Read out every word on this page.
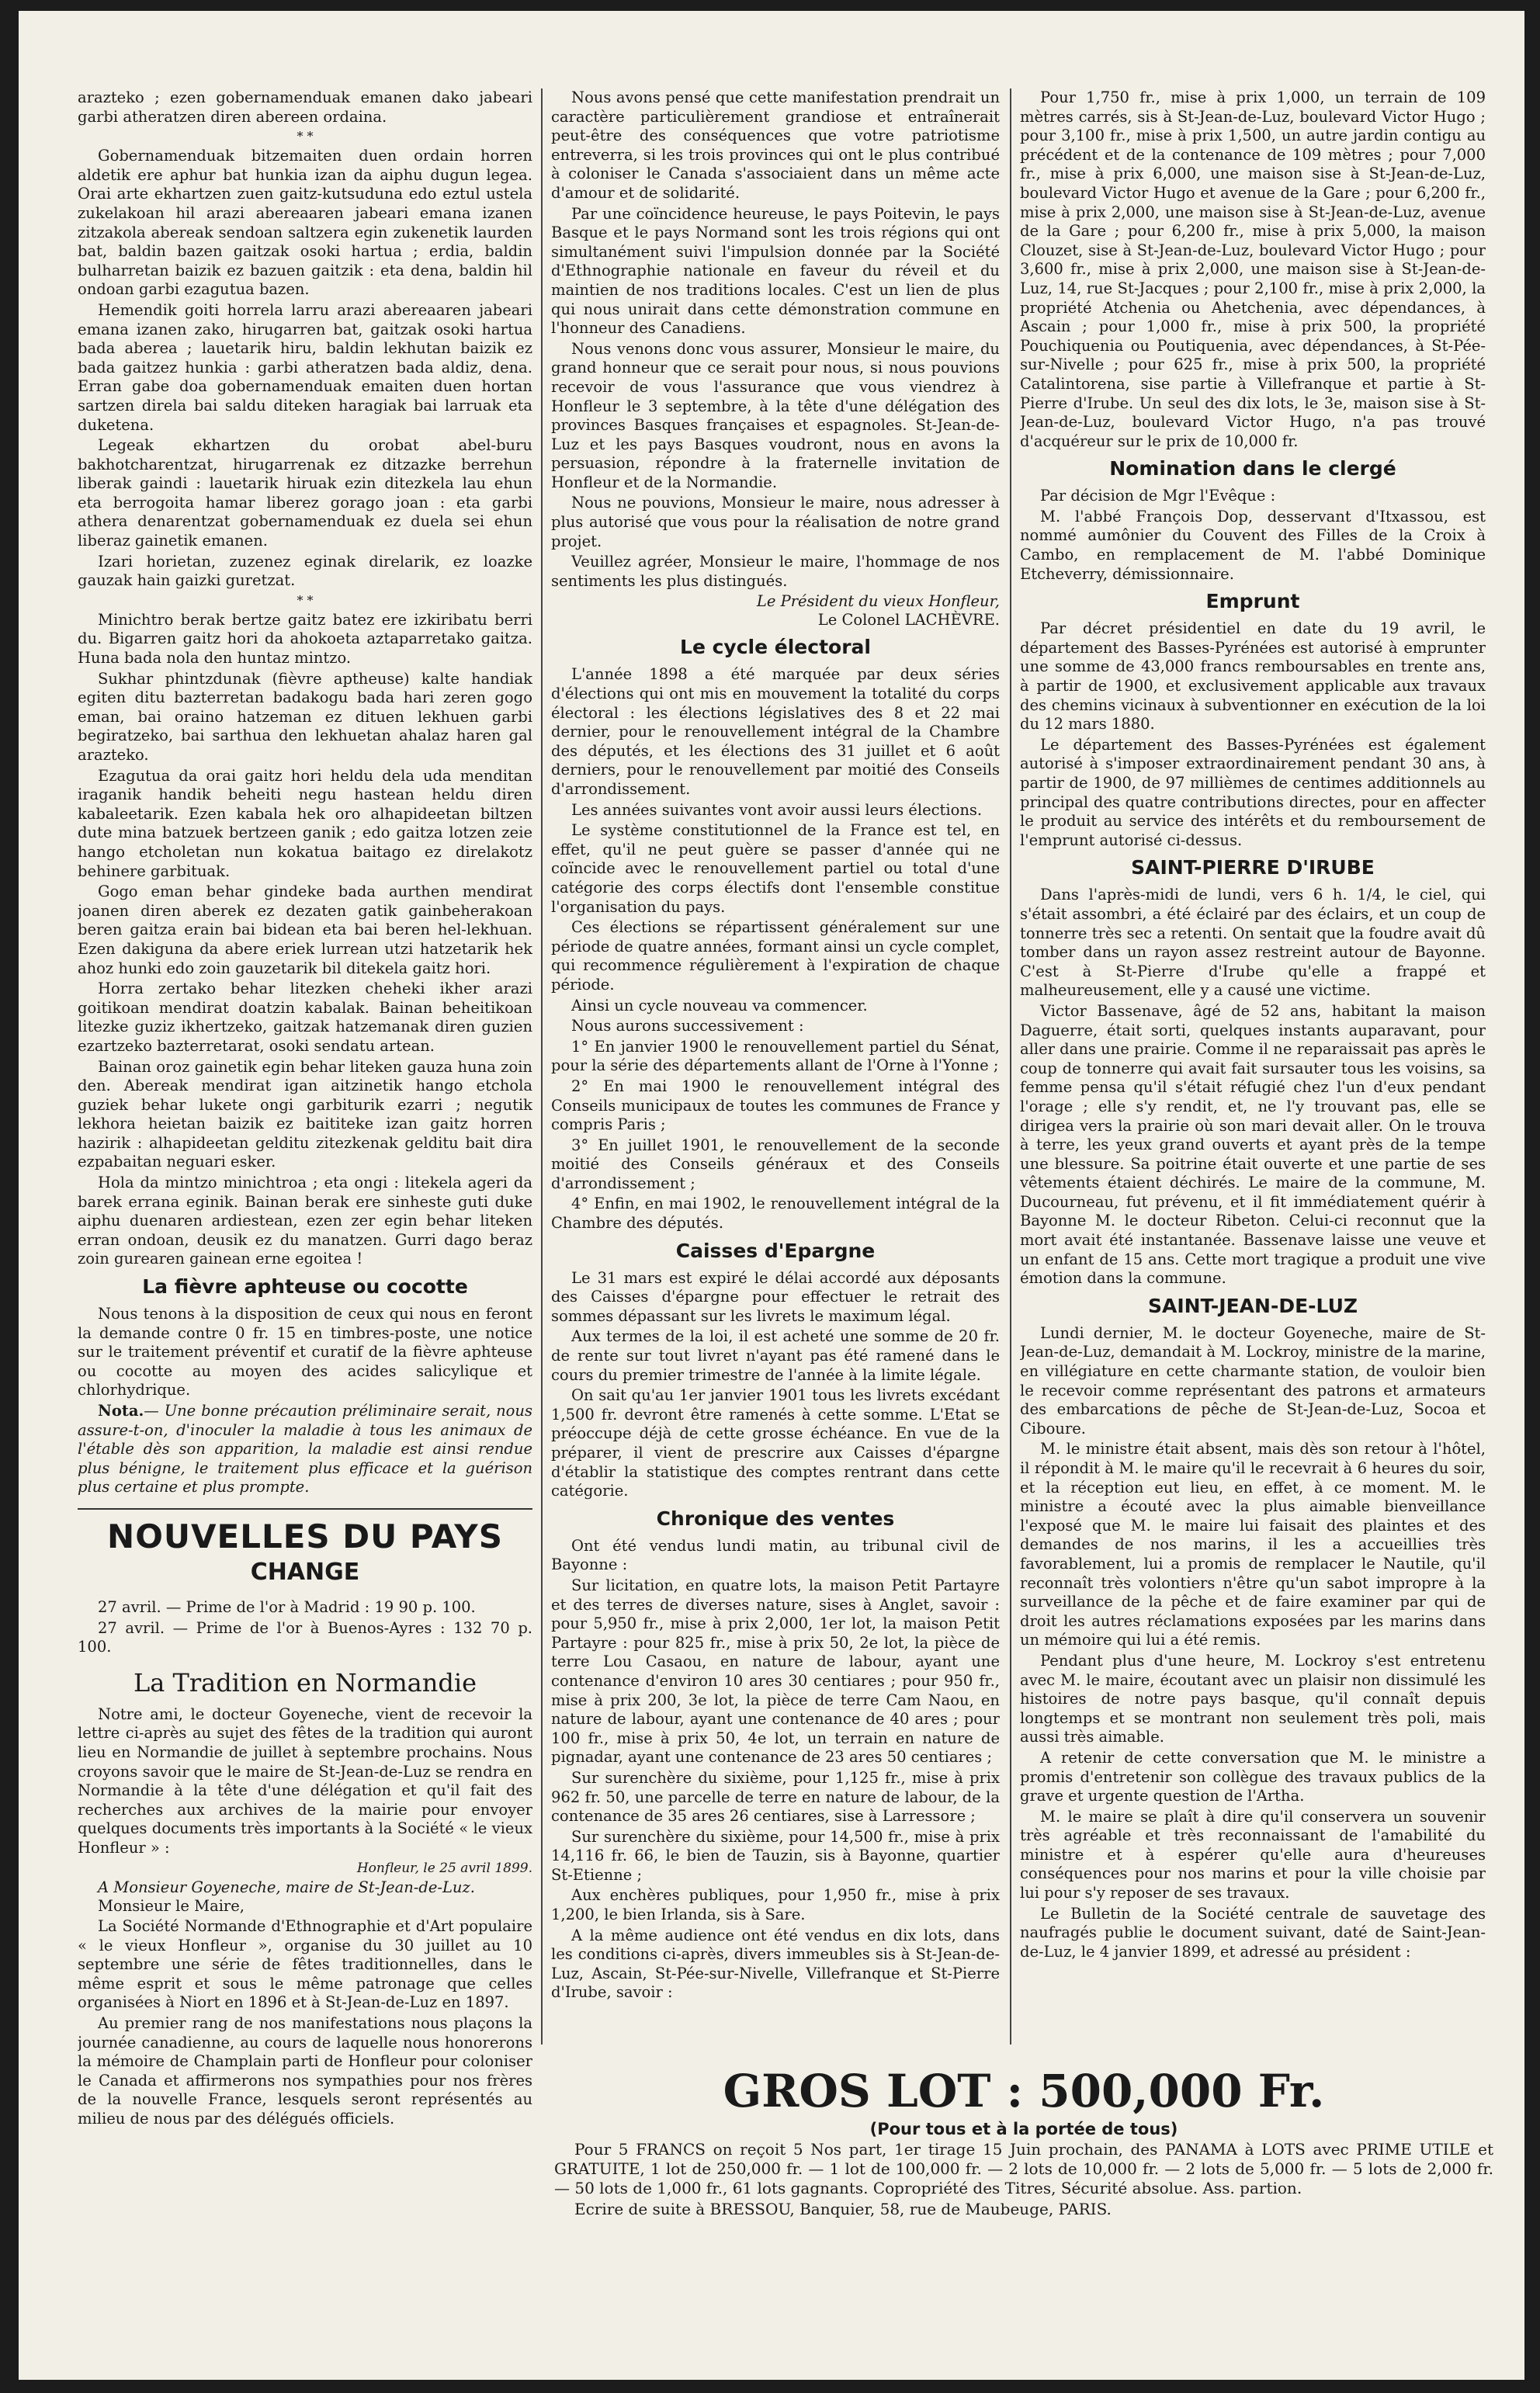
arazteko ; ezen gobernamenduak emanen dako jabeari garbi atheratzen diren abereen ordaina.

* *

Gobernamenduak bitzemaiten duen ordain horren aldetik ere aphur bat hunkia izan da aiphu dugun legea. Orai arte ekhartzen zuen gaitz-kutsuduna edo eztul ustela zukelakoan hil arazi abereaaren jabeari emana izanen zitzakola abereak sendoan saltzera egin zukenetik laurden bat, baldin bazen gaitzak osoki hartua ; erdia, baldin bulharretan baizik ez bazuen gaitzik : eta dena, baldin hil ondoan garbi ezagutua bazen.

Hemendik goiti horrela larru arazi abereaaren jabeari emana izanen zako, hirugarren bat, gaitzak osoki hartua bada aberea ; lauetarik hiru, baldin lekhutan baizik ez bada gaitzez hunkia : garbi atheratzen bada aldiz, dena. Erran gabe doa gobernamenduak emaiten duen hortan sartzen direla bai saldu diteken haragiak bai larruak eta duketena.

Legeak ekhartzen du orobat abel-buru bakhotcharentzat, hirugarrenak ez ditzazke berrehun liberak gaindi : lauetarik hiruak ezin ditezkela lau ehun eta berrogoita hamar liberez gorago joan : eta garbi athera denarentzat gobernamenduak ez duela sei ehun liberaz gainetik emanen.

Izari horietan, zuzenez eginak direlarik, ez loazke gauzak hain gaizki guretzat.

* *

Minichtro berak bertze gaitz batez ere izkiribatu berri du. Bigarren gaitz hori da ahokoeta aztaparretako gaitza. Huna bada nola den huntaz mintzo.

Sukhar phintzdunak (fièvre aptheuse) kalte handiak egiten ditu bazterretan badakogu bada hari zeren gogo eman, bai oraino hatzeman ez dituen lekhuen garbi begiratzeko, bai sarthua den lekhuetan ahalaz haren gal arazteko.

Ezagutua da orai gaitz hori heldu dela uda menditan iraganik handik beheiti negu hastean heldu diren kabaleetarik. Ezen kabala hek oro alhapideetan biltzen dute mina batzuek bertzeen ganik ; edo gaitza lotzen zeie hango etcholetan nun kokatua baitago ez direlakotz behinere garbituak.

Gogo eman behar gindeke bada aurthen mendirat joanen diren aberek ez dezaten gatik gainbeherakoan beren gaitza erain bai bidean eta bai beren hel-lekhuan. Ezen dakiguna da abere eriek lurrean utzi hatzetarik hek ahoz hunki edo zoin gauzetarik bil ditekela gaitz hori.

Horra zertako behar litezken cheheki ikher arazi goitikoan mendirat doatzin kabalak. Bainan beheitikoan litezke guziz ikhertzeko, gaitzak hatzemanak diren guzien ezartzeko bazterretarat, osoki sendatu artean.

Bainan oroz gainetik egin behar liteken gauza huna zoin den. Abereak mendirat igan aitzinetik hango etchola guziek behar lukete ongi garbiturik ezarri ; negutik lekhora heietan baizik ez baititeke izan gaitz horren hazirik : alhapideetan gelditu zitezkenak gelditu bait dira ezpabaitan neguari esker.

Hola da mintzo minichtroa ; eta ongi : litekela ageri da barek errana eginik. Bainan berak ere sinheste guti duke aiphu duenaren ardiestean, ezen zer egin behar liteken erran ondoan, deusik ez du manatzen. Gurri dago beraz zoin gurearen gainean erne egoitea !

La fièvre aphteuse ou cocotte

Nous tenons à la disposition de ceux qui nous en feront la demande contre 0 fr. 15 en timbres-poste, une notice sur le traitement préventif et curatif de la fièvre aphteuse ou cocotte au moyen des acides salicylique et chlorhydrique.

Nota.— Une bonne précaution préliminaire serait, nous assure-t-on, d'inoculer la maladie à tous les animaux de l'étable dès son apparition, la maladie est ainsi rendue plus bénigne, le traitement plus efficace et la guérison plus certaine et plus prompte.

NOUVELLES DU PAYS
CHANGE

27 avril. — Prime de l'or à Madrid : 19 90 p. 100.

27 avril. — Prime de l'or à Buenos-Ayres : 132 70 p. 100.

La Tradition en Normandie

Notre ami, le docteur Goyeneche, vient de recevoir la lettre ci-après au sujet des fêtes de la tradition qui auront lieu en Normandie de juillet à septembre prochains. Nous croyons savoir que le maire de St-Jean-de-Luz se rendra en Normandie à la tête d'une délégation et qu'il fait des recherches aux archives de la mairie pour envoyer quelques documents très importants à la Société « le vieux Honfleur » :

Honfleur, le 25 avril 1899.

A Monsieur Goyeneche, maire de St-Jean-de-Luz.

Monsieur le Maire,

La Société Normande d'Ethnographie et d'Art populaire « le vieux Honfleur », organise du 30 juillet au 10 septembre une série de fêtes traditionnelles, dans le même esprit et sous le même patronage que celles organisées à Niort en 1896 et à St-Jean-de-Luz en 1897.

Au premier rang de nos manifestations nous plaçons la journée canadienne, au cours de laquelle nous honorerons la mémoire de Champlain parti de Honfleur pour coloniser le Canada et affirmerons nos sympathies pour nos frères de la nouvelle France, lesquels seront représentés au milieu de nous par des délégués officiels.

Nous avons pensé que cette manifestation prendrait un caractère particulièrement grandiose et entraînerait peut-être des conséquences que votre patriotisme entreverra, si les trois provinces qui ont le plus contribué à coloniser le Canada s'associaient dans un même acte d'amour et de solidarité.

Par une coïncidence heureuse, le pays Poitevin, le pays Basque et le pays Normand sont les trois régions qui ont simultanément suivi l'impulsion donnée par la Société d'Ethnographie nationale en faveur du réveil et du maintien de nos traditions locales. C'est un lien de plus qui nous unirait dans cette démonstration commune en l'honneur des Canadiens.

Nous venons donc vous assurer, Monsieur le maire, du grand honneur que ce serait pour nous, si nous pouvions recevoir de vous l'assurance que vous viendrez à Honfleur le 3 septembre, à la tête d'une délégation des provinces Basques françaises et espagnoles. St-Jean-de-Luz et les pays Basques voudront, nous en avons la persuasion, répondre à la fraternelle invitation de Honfleur et de la Normandie.

Nous ne pouvions, Monsieur le maire, nous adresser à plus autorisé que vous pour la réalisation de notre grand projet.

Veuillez agréer, Monsieur le maire, l'hommage de nos sentiments les plus distingués.

Le Président du vieux Honfleur,
Le Colonel LACHÈVRE.
Le cycle électoral

L'année 1898 a été marquée par deux séries d'élections qui ont mis en mouvement la totalité du corps électoral : les élections législatives des 8 et 22 mai dernier, pour le renouvellement intégral de la Chambre des députés, et les élections des 31 juillet et 6 août derniers, pour le renouvellement par moitié des Conseils d'arrondissement.

Les années suivantes vont avoir aussi leurs élections.

Le système constitutionnel de la France est tel, en effet, qu'il ne peut guère se passer d'année qui ne coïncide avec le renouvellement partiel ou total d'une catégorie des corps électifs dont l'ensemble constitue l'organisation du pays.

Ces élections se répartissent généralement sur une période de quatre années, formant ainsi un cycle complet, qui recommence régulièrement à l'expiration de chaque période.

Ainsi un cycle nouveau va commencer.

Nous aurons successivement :

1° En janvier 1900 le renouvellement partiel du Sénat, pour la série des départements allant de l'Orne à l'Yonne ;

2° En mai 1900 le renouvellement intégral des Conseils municipaux de toutes les communes de France y compris Paris ;

3° En juillet 1901, le renouvellement de la seconde moitié des Conseils généraux et des Conseils d'arrondissement ;

4° Enfin, en mai 1902, le renouvellement intégral de la Chambre des députés.

Caisses d'Epargne

Le 31 mars est expiré le délai accordé aux déposants des Caisses d'épargne pour effectuer le retrait des sommes dépassant sur les livrets le maximum légal.

Aux termes de la loi, il est acheté une somme de 20 fr. de rente sur tout livret n'ayant pas été ramené dans le cours du premier trimestre de l'année à la limite légale.

On sait qu'au 1er janvier 1901 tous les livrets excédant 1,500 fr. devront être ramenés à cette somme. L'Etat se préoccupe déjà de cette grosse échéance. En vue de la préparer, il vient de prescrire aux Caisses d'épargne d'établir la statistique des comptes rentrant dans cette catégorie.

Chronique des ventes

Ont été vendus lundi matin, au tribunal civil de Bayonne :

Sur licitation, en quatre lots, la maison Petit Partayre et des terres de diverses nature, sises à Anglet, savoir : pour 5,950 fr., mise à prix 2,000, 1er lot, la maison Petit Partayre : pour 825 fr., mise à prix 50, 2e lot, la pièce de terre Lou Casaou, en nature de labour, ayant une contenance d'environ 10 ares 30 centiares ; pour 950 fr., mise à prix 200, 3e lot, la pièce de terre Cam Naou, en nature de labour, ayant une contenance de 40 ares ; pour 100 fr., mise à prix 50, 4e lot, un terrain en nature de pignadar, ayant une contenance de 23 ares 50 centiares ;

Sur surenchère du sixième, pour 1,125 fr., mise à prix 962 fr. 50, une parcelle de terre en nature de labour, de la contenance de 35 ares 26 centiares, sise à Larressore ;

Sur surenchère du sixième, pour 14,500 fr., mise à prix 14,116 fr. 66, le bien de Tauzin, sis à Bayonne, quartier St-Etienne ;

Aux enchères publiques, pour 1,950 fr., mise à prix 1,200, le bien Irlanda, sis à Sare.

A la même audience ont été vendus en dix lots, dans les conditions ci-après, divers immeubles sis à St-Jean-de-Luz, Ascain, St-Pée-sur-Nivelle, Villefranque et St-Pierre d'Irube, savoir :

Pour 1,750 fr., mise à prix 1,000, un terrain de 109 mètres carrés, sis à St-Jean-de-Luz, boulevard Victor Hugo ; pour 3,100 fr., mise à prix 1,500, un autre jardin contigu au précédent et de la contenance de 109 mètres ; pour 7,000 fr., mise à prix 6,000, une maison sise à St-Jean-de-Luz, boulevard Victor Hugo et avenue de la Gare ; pour 6,200 fr., mise à prix 2,000, une maison sise à St-Jean-de-Luz, avenue de la Gare ; pour 6,200 fr., mise à prix 5,000, la maison Clouzet, sise à St-Jean-de-Luz, boulevard Victor Hugo ; pour 3,600 fr., mise à prix 2,000, une maison sise à St-Jean-de-Luz, 14, rue St-Jacques ; pour 2,100 fr., mise à prix 2,000, la propriété Atchenia ou Ahetchenia, avec dépendances, à Ascain ; pour 1,000 fr., mise à prix 500, la propriété Pouchiquenia ou Poutiquenia, avec dépendances, à St-Pée-sur-Nivelle ; pour 625 fr., mise à prix 500, la propriété Catalintorena, sise partie à Villefranque et partie à St-Pierre d'Irube. Un seul des dix lots, le 3e, maison sise à St-Jean-de-Luz, boulevard Victor Hugo, n'a pas trouvé d'acquéreur sur le prix de 10,000 fr.

Nomination dans le clergé

Par décision de Mgr l'Evêque :

M. l'abbé François Dop, desservant d'Itxassou, est nommé aumônier du Couvent des Filles de la Croix à Cambo, en remplacement de M. l'abbé Dominique Etcheverry, démissionnaire.

Emprunt

Par décret présidentiel en date du 19 avril, le département des Basses-Pyrénées est autorisé à emprunter une somme de 43,000 francs remboursables en trente ans, à partir de 1900, et exclusivement applicable aux travaux des chemins vicinaux à subventionner en exécution de la loi du 12 mars 1880.

Le département des Basses-Pyrénées est également autorisé à s'imposer extraordinairement pendant 30 ans, à partir de 1900, de 97 millièmes de centimes additionnels au principal des quatre contributions directes, pour en affecter le produit au service des intérêts et du remboursement de l'emprunt autorisé ci-dessus.

SAINT-PIERRE D'IRUBE

Dans l'après-midi de lundi, vers 6 h. 1/4, le ciel, qui s'était assombri, a été éclairé par des éclairs, et un coup de tonnerre très sec a retenti. On sentait que la foudre avait dû tomber dans un rayon assez restreint autour de Bayonne. C'est à St-Pierre d'Irube qu'elle a frappé et malheureusement, elle y a causé une victime.

Victor Bassenave, âgé de 52 ans, habitant la maison Daguerre, était sorti, quelques instants auparavant, pour aller dans une prairie. Comme il ne reparaissait pas après le coup de tonnerre qui avait fait sursauter tous les voisins, sa femme pensa qu'il s'était réfugié chez l'un d'eux pendant l'orage ; elle s'y rendit, et, ne l'y trouvant pas, elle se dirigea vers la prairie où son mari devait aller. On le trouva à terre, les yeux grand ouverts et ayant près de la tempe une blessure. Sa poitrine était ouverte et une partie de ses vêtements étaient déchirés. Le maire de la commune, M. Ducourneau, fut prévenu, et il fit immédiatement quérir à Bayonne M. le docteur Ribeton. Celui-ci reconnut que la mort avait été instantanée. Bassenave laisse une veuve et un enfant de 15 ans. Cette mort tragique a produit une vive émotion dans la commune.

SAINT-JEAN-DE-LUZ

Lundi dernier, M. le docteur Goyeneche, maire de St-Jean-de-Luz, demandait à M. Lockroy, ministre de la marine, en villégiature en cette charmante station, de vouloir bien le recevoir comme représentant des patrons et armateurs des embarcations de pêche de St-Jean-de-Luz, Socoa et Ciboure.

M. le ministre était absent, mais dès son retour à l'hôtel, il répondit à M. le maire qu'il le recevrait à 6 heures du soir, et la réception eut lieu, en effet, à ce moment. M. le ministre a écouté avec la plus aimable bienveillance l'exposé que M. le maire lui faisait des plaintes et des demandes de nos marins, il les a accueillies très favorablement, lui a promis de remplacer le Nautile, qu'il reconnaît très volontiers n'être qu'un sabot impropre à la surveillance de la pêche et de faire examiner par qui de droit les autres réclamations exposées par les marins dans un mémoire qui lui a été remis.

Pendant plus d'une heure, M. Lockroy s'est entretenu avec M. le maire, écoutant avec un plaisir non dissimulé les histoires de notre pays basque, qu'il connaît depuis longtemps et se montrant non seulement très poli, mais aussi très aimable.

A retenir de cette conversation que M. le ministre a promis d'entretenir son collègue des travaux publics de la grave et urgente question de l'Artha.

M. le maire se plaît à dire qu'il conservera un souvenir très agréable et très reconnaissant de l'amabilité du ministre et à espérer qu'elle aura d'heureuses conséquences pour nos marins et pour la ville choisie par lui pour s'y reposer de ses travaux.

Le Bulletin de la Société centrale de sauvetage des naufragés publie le document suivant, daté de Saint-Jean-de-Luz, le 4 janvier 1899, et adressé au président :

GROS LOT : 500,000 Fr.
(Pour tous et à la portée de tous)

Pour 5 FRANCS on reçoit 5 Nos part, 1er tirage 15 Juin prochain, des PANAMA à LOTS avec PRIME UTILE et GRATUITE, 1 lot de 250,000 fr. — 1 lot de 100,000 fr. — 2 lots de 10,000 fr. — 2 lots de 5,000 fr. — 5 lots de 2,000 fr. — 50 lots de 1,000 fr., 61 lots gagnants. Copropriété des Titres, Sécurité absolue. Ass. partion.

Ecrire de suite à BRESSOU, Banquier, 58, rue de Maubeuge, PARIS.
